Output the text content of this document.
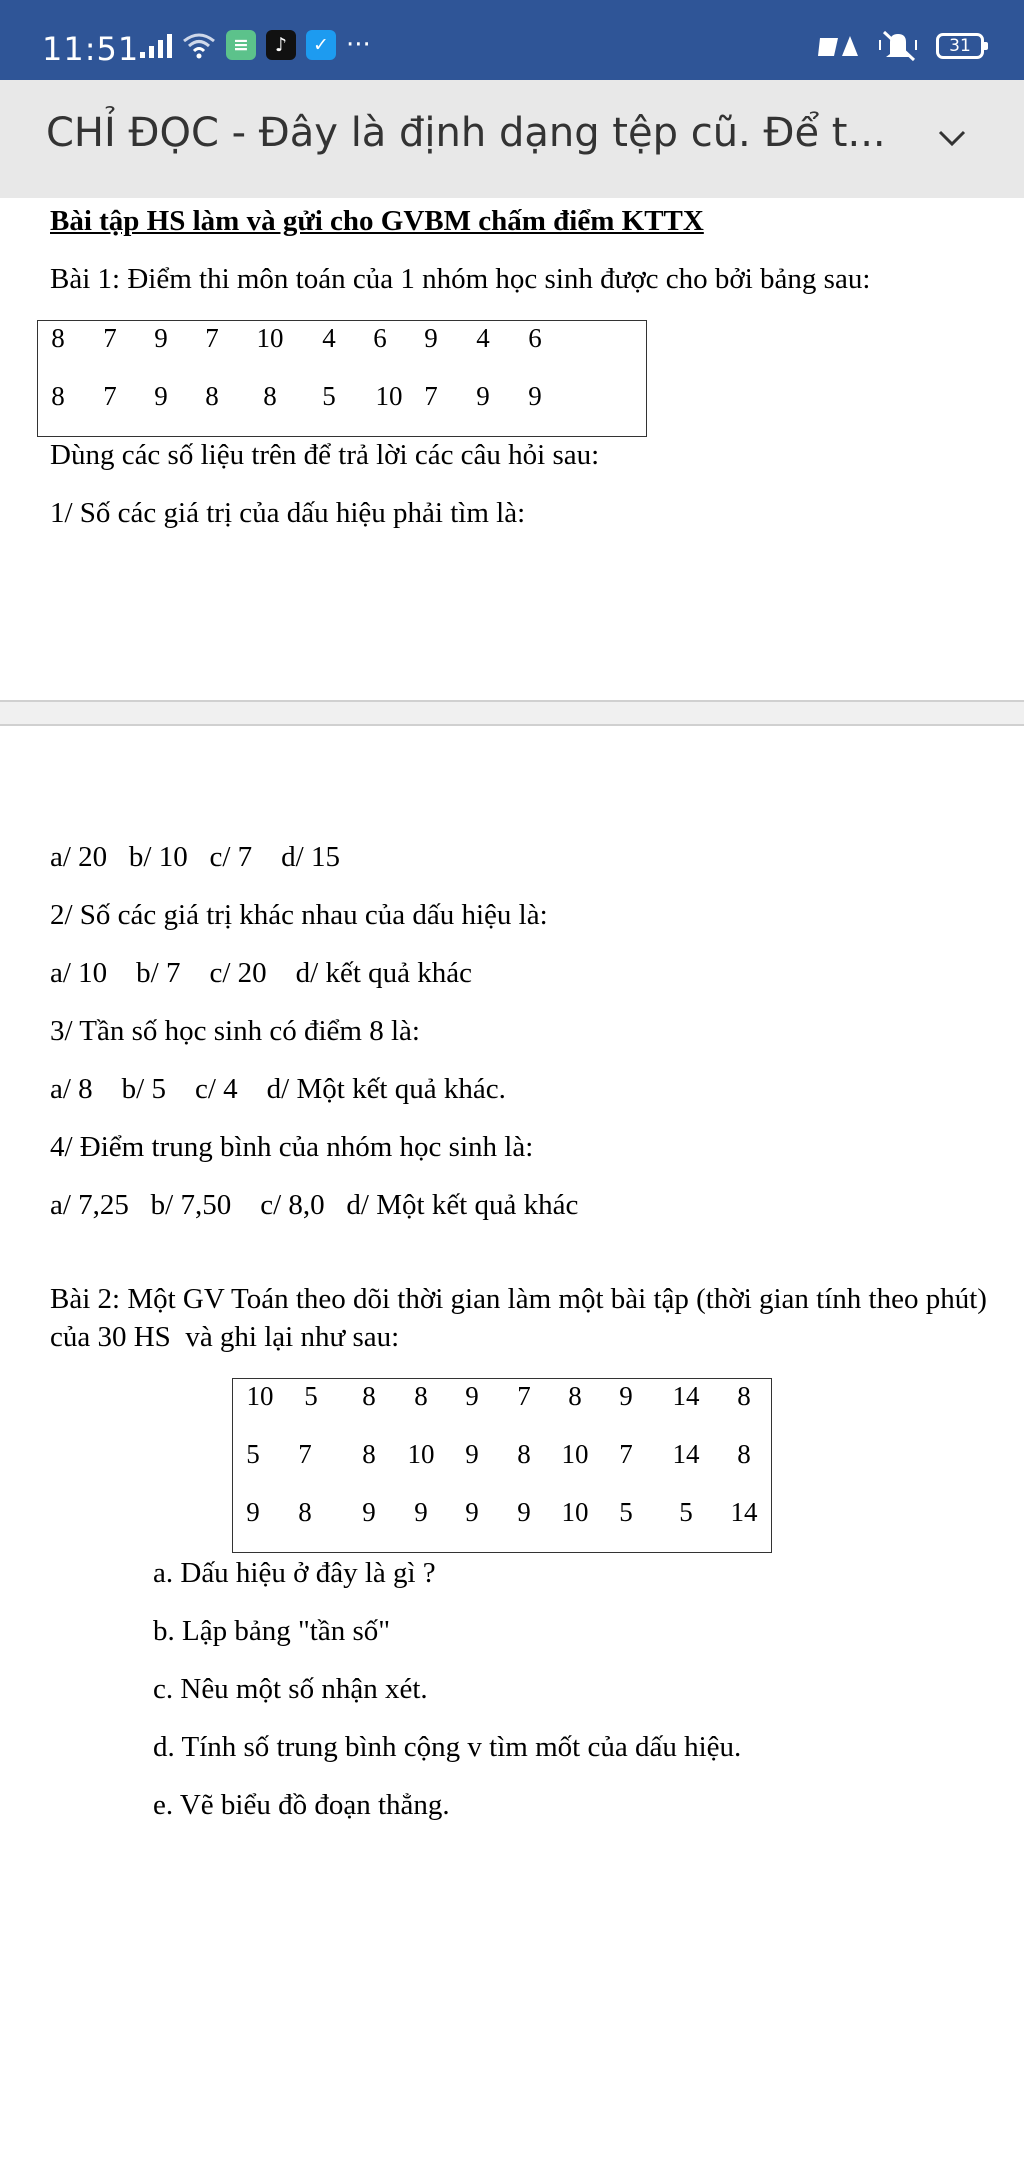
11:51	≡	♪	✓ ···	31
CHỈ ĐỌC - Đây là định dạng tệp cũ. Để t...
Bài tập HS làm và gửi cho GVBM chấm điểm KTTX
Bài 1: Điểm thi môn toán của 1 nhóm học sinh được cho bởi bảng sau:
8 7 9 7 10 4 6 9 4 6
8 7 9 8 8 5 10 7 9 9
Dùng các số liệu trên để trả lời các câu hỏi sau:
1/ Số các giá trị của dấu hiệu phải tìm là:
a/ 20   b/ 10   c/ 7    d/ 15
2/ Số các giá trị khác nhau của dấu hiệu là:
a/ 10    b/ 7    c/ 20    d/ kết quả khác
3/ Tần số học sinh có điểm 8 là:
a/ 8    b/ 5    c/ 4    d/ Một kết quả khác.
4/ Điểm trung bình của nhóm học sinh là:
a/ 7,25   b/ 7,50    c/ 8,0   d/ Một kết quả khác
Bài 2: Một GV Toán theo dõi thời gian làm một bài tập (thời gian tính theo phút)
của 30 HS  và ghi lại như sau:
10 5 8 8 9 7 8 9 14 8
5 7 8 10 9 8 10 7 14 8
9 8 9 9 9 9 10 5 5 14
a. Dấu hiệu ở đây là gì ?
b. Lập bảng "tần số"
c. Nêu một số nhận xét.
d. Tính số trung bình cộng v tìm mốt của dấu hiệu.
e. Vẽ biểu đồ đoạn thẳng.
